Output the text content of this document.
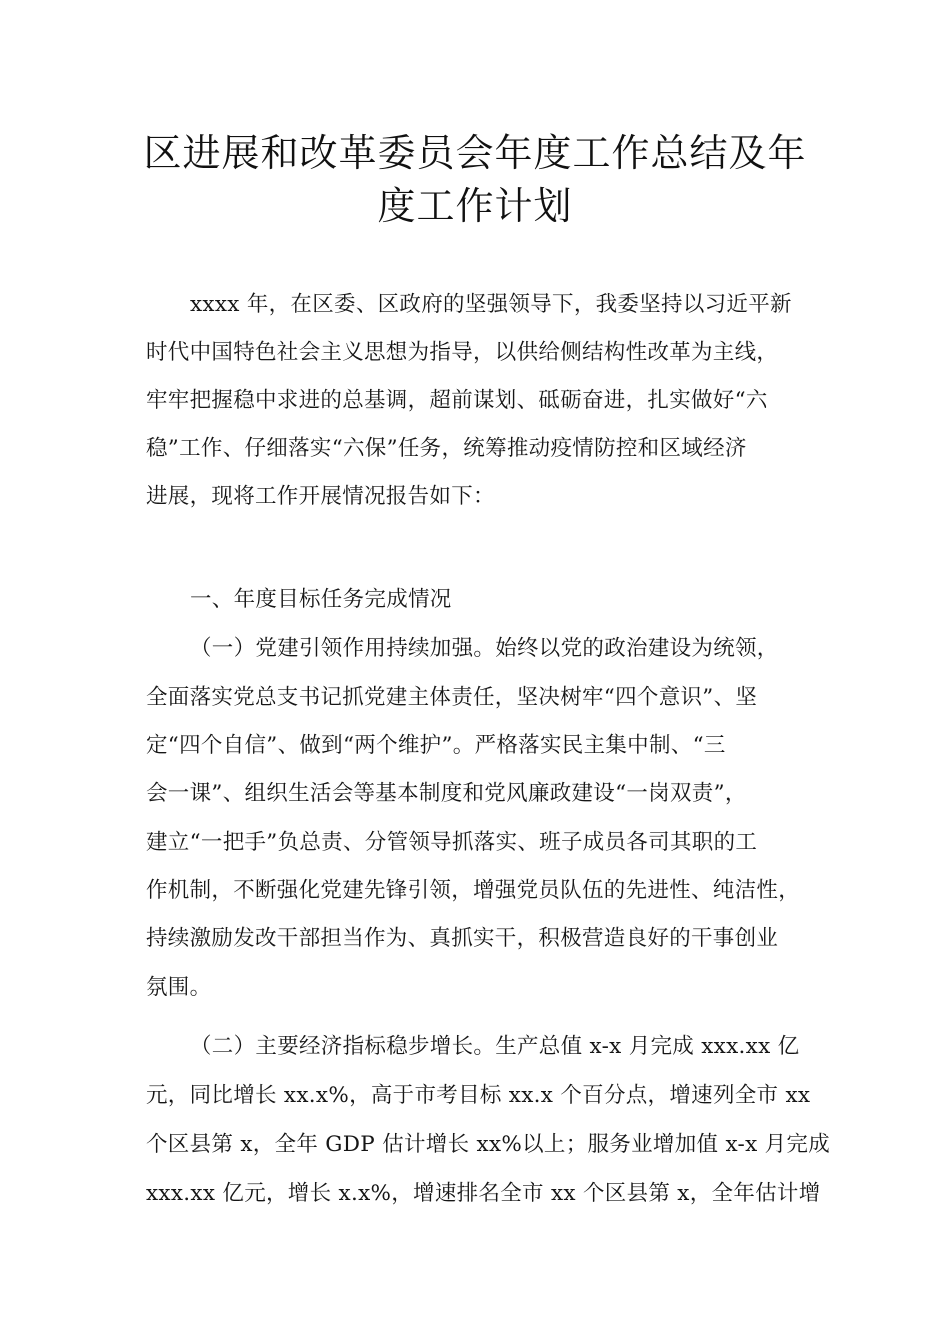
区进展和改革委员会年度工作总结及年
度工作计划
xxxx 年，在区委、区政府的坚强领导下，我委坚持以习近平新
时代中国特色社会主义思想为指导，以供给侧结构性改革为主线，
牢牢把握稳中求进的总基调，超前谋划、砥砺奋进，扎实做好“六
稳”工作、仔细落实“六保”任务，统筹推动疫情防控和区域经济
进展，现将工作开展情况报告如下：
一、年度目标任务完成情况
（一）党建引领作用持续加强。始终以党的政治建设为统领，
全面落实党总支书记抓党建主体责任，坚决树牢“四个意识”、坚
定“四个自信”、做到“两个维护”。严格落实民主集中制、“三
会一课”、组织生活会等基本制度和党风廉政建设“一岗双责”，
建立“一把手”负总责、分管领导抓落实、班子成员各司其职的工
作机制，不断强化党建先锋引领，增强党员队伍的先进性、纯洁性，
持续激励发改干部担当作为、真抓实干，积极营造良好的干事创业
氛围。
（二）主要经济指标稳步增长。生产总值 x-x 月完成 xxx.xx 亿
元，同比增长 xx.x%，高于市考目标 xx.x 个百分点，增速列全市 xx
个区县第 x，全年 GDP 估计增长 xx%以上；服务业增加值 x-x 月完成
xxx.xx 亿元，增长 x.x%，增速排名全市 xx 个区县第 x，全年估计增
